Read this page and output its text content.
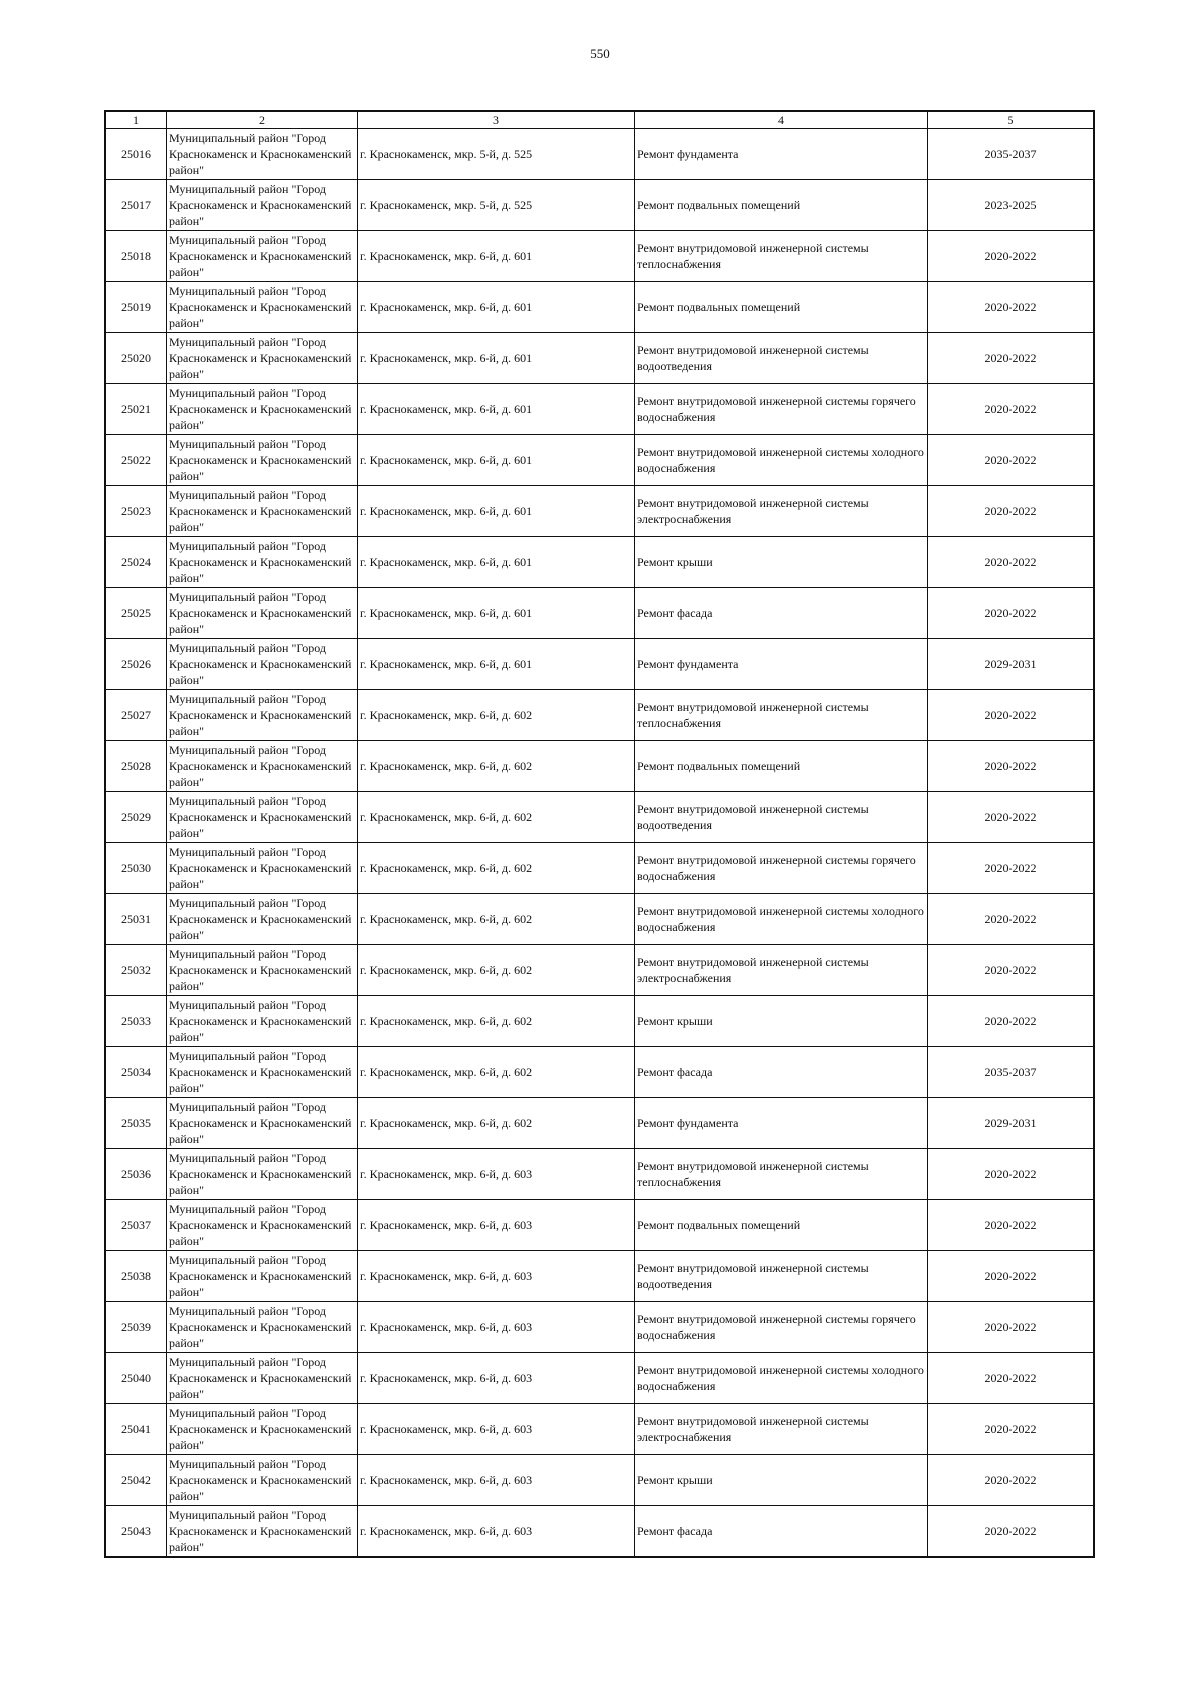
550
1	2	3	4	5
25016	Муниципальный район "Город Краснокаменск и Краснокаменский район"	г. Краснокаменск, мкр. 5-й, д. 525	Ремонт фундамента	2035-2037
25017	Муниципальный район "Город Краснокаменск и Краснокаменский район"	г. Краснокаменск, мкр. 5-й, д. 525	Ремонт подвальных помещений	2023-2025
25018	Муниципальный район "Город Краснокаменск и Краснокаменский район"	г. Краснокаменск, мкр. 6-й, д. 601	Ремонт внутридомовой инженерной системы теплоснабжения	2020-2022
25019	Муниципальный район "Город Краснокаменск и Краснокаменский район"	г. Краснокаменск, мкр. 6-й, д. 601	Ремонт подвальных помещений	2020-2022
25020	Муниципальный район "Город Краснокаменск и Краснокаменский район"	г. Краснокаменск, мкр. 6-й, д. 601	Ремонт внутридомовой инженерной системы водоотведения	2020-2022
25021	Муниципальный район "Город Краснокаменск и Краснокаменский район"	г. Краснокаменск, мкр. 6-й, д. 601	Ремонт внутридомовой инженерной системы горячего водоснабжения	2020-2022
25022	Муниципальный район "Город Краснокаменск и Краснокаменский район"	г. Краснокаменск, мкр. 6-й, д. 601	Ремонт внутридомовой инженерной системы холодного водоснабжения	2020-2022
25023	Муниципальный район "Город Краснокаменск и Краснокаменский район"	г. Краснокаменск, мкр. 6-й, д. 601	Ремонт внутридомовой инженерной системы электроснабжения	2020-2022
25024	Муниципальный район "Город Краснокаменск и Краснокаменский район"	г. Краснокаменск, мкр. 6-й, д. 601	Ремонт крыши	2020-2022
25025	Муниципальный район "Город Краснокаменск и Краснокаменский район"	г. Краснокаменск, мкр. 6-й, д. 601	Ремонт фасада	2020-2022
25026	Муниципальный район "Город Краснокаменск и Краснокаменский район"	г. Краснокаменск, мкр. 6-й, д. 601	Ремонт фундамента	2029-2031
25027	Муниципальный район "Город Краснокаменск и Краснокаменский район"	г. Краснокаменск, мкр. 6-й, д. 602	Ремонт внутридомовой инженерной системы теплоснабжения	2020-2022
25028	Муниципальный район "Город Краснокаменск и Краснокаменский район"	г. Краснокаменск, мкр. 6-й, д. 602	Ремонт подвальных помещений	2020-2022
25029	Муниципальный район "Город Краснокаменск и Краснокаменский район"	г. Краснокаменск, мкр. 6-й, д. 602	Ремонт внутридомовой инженерной системы водоотведения	2020-2022
25030	Муниципальный район "Город Краснокаменск и Краснокаменский район"	г. Краснокаменск, мкр. 6-й, д. 602	Ремонт внутридомовой инженерной системы горячего водоснабжения	2020-2022
25031	Муниципальный район "Город Краснокаменск и Краснокаменский район"	г. Краснокаменск, мкр. 6-й, д. 602	Ремонт внутридомовой инженерной системы холодного водоснабжения	2020-2022
25032	Муниципальный район "Город Краснокаменск и Краснокаменский район"	г. Краснокаменск, мкр. 6-й, д. 602	Ремонт внутридомовой инженерной системы электроснабжения	2020-2022
25033	Муниципальный район "Город Краснокаменск и Краснокаменский район"	г. Краснокаменск, мкр. 6-й, д. 602	Ремонт крыши	2020-2022
25034	Муниципальный район "Город Краснокаменск и Краснокаменский район"	г. Краснокаменск, мкр. 6-й, д. 602	Ремонт фасада	2035-2037
25035	Муниципальный район "Город Краснокаменск и Краснокаменский район"	г. Краснокаменск, мкр. 6-й, д. 602	Ремонт фундамента	2029-2031
25036	Муниципальный район "Город Краснокаменск и Краснокаменский район"	г. Краснокаменск, мкр. 6-й, д. 603	Ремонт внутридомовой инженерной системы теплоснабжения	2020-2022
25037	Муниципальный район "Город Краснокаменск и Краснокаменский район"	г. Краснокаменск, мкр. 6-й, д. 603	Ремонт подвальных помещений	2020-2022
25038	Муниципальный район "Город Краснокаменск и Краснокаменский район"	г. Краснокаменск, мкр. 6-й, д. 603	Ремонт внутридомовой инженерной системы водоотведения	2020-2022
25039	Муниципальный район "Город Краснокаменск и Краснокаменский район"	г. Краснокаменск, мкр. 6-й, д. 603	Ремонт внутридомовой инженерной системы горячего водоснабжения	2020-2022
25040	Муниципальный район "Город Краснокаменск и Краснокаменский район"	г. Краснокаменск, мкр. 6-й, д. 603	Ремонт внутридомовой инженерной системы холодного водоснабжения	2020-2022
25041	Муниципальный район "Город Краснокаменск и Краснокаменский район"	г. Краснокаменск, мкр. 6-й, д. 603	Ремонт внутридомовой инженерной системы электроснабжения	2020-2022
25042	Муниципальный район "Город Краснокаменск и Краснокаменский район"	г. Краснокаменск, мкр. 6-й, д. 603	Ремонт крыши	2020-2022
25043	Муниципальный район "Город Краснокаменск и Краснокаменский район"	г. Краснокаменск, мкр. 6-й, д. 603	Ремонт фасада	2020-2022
